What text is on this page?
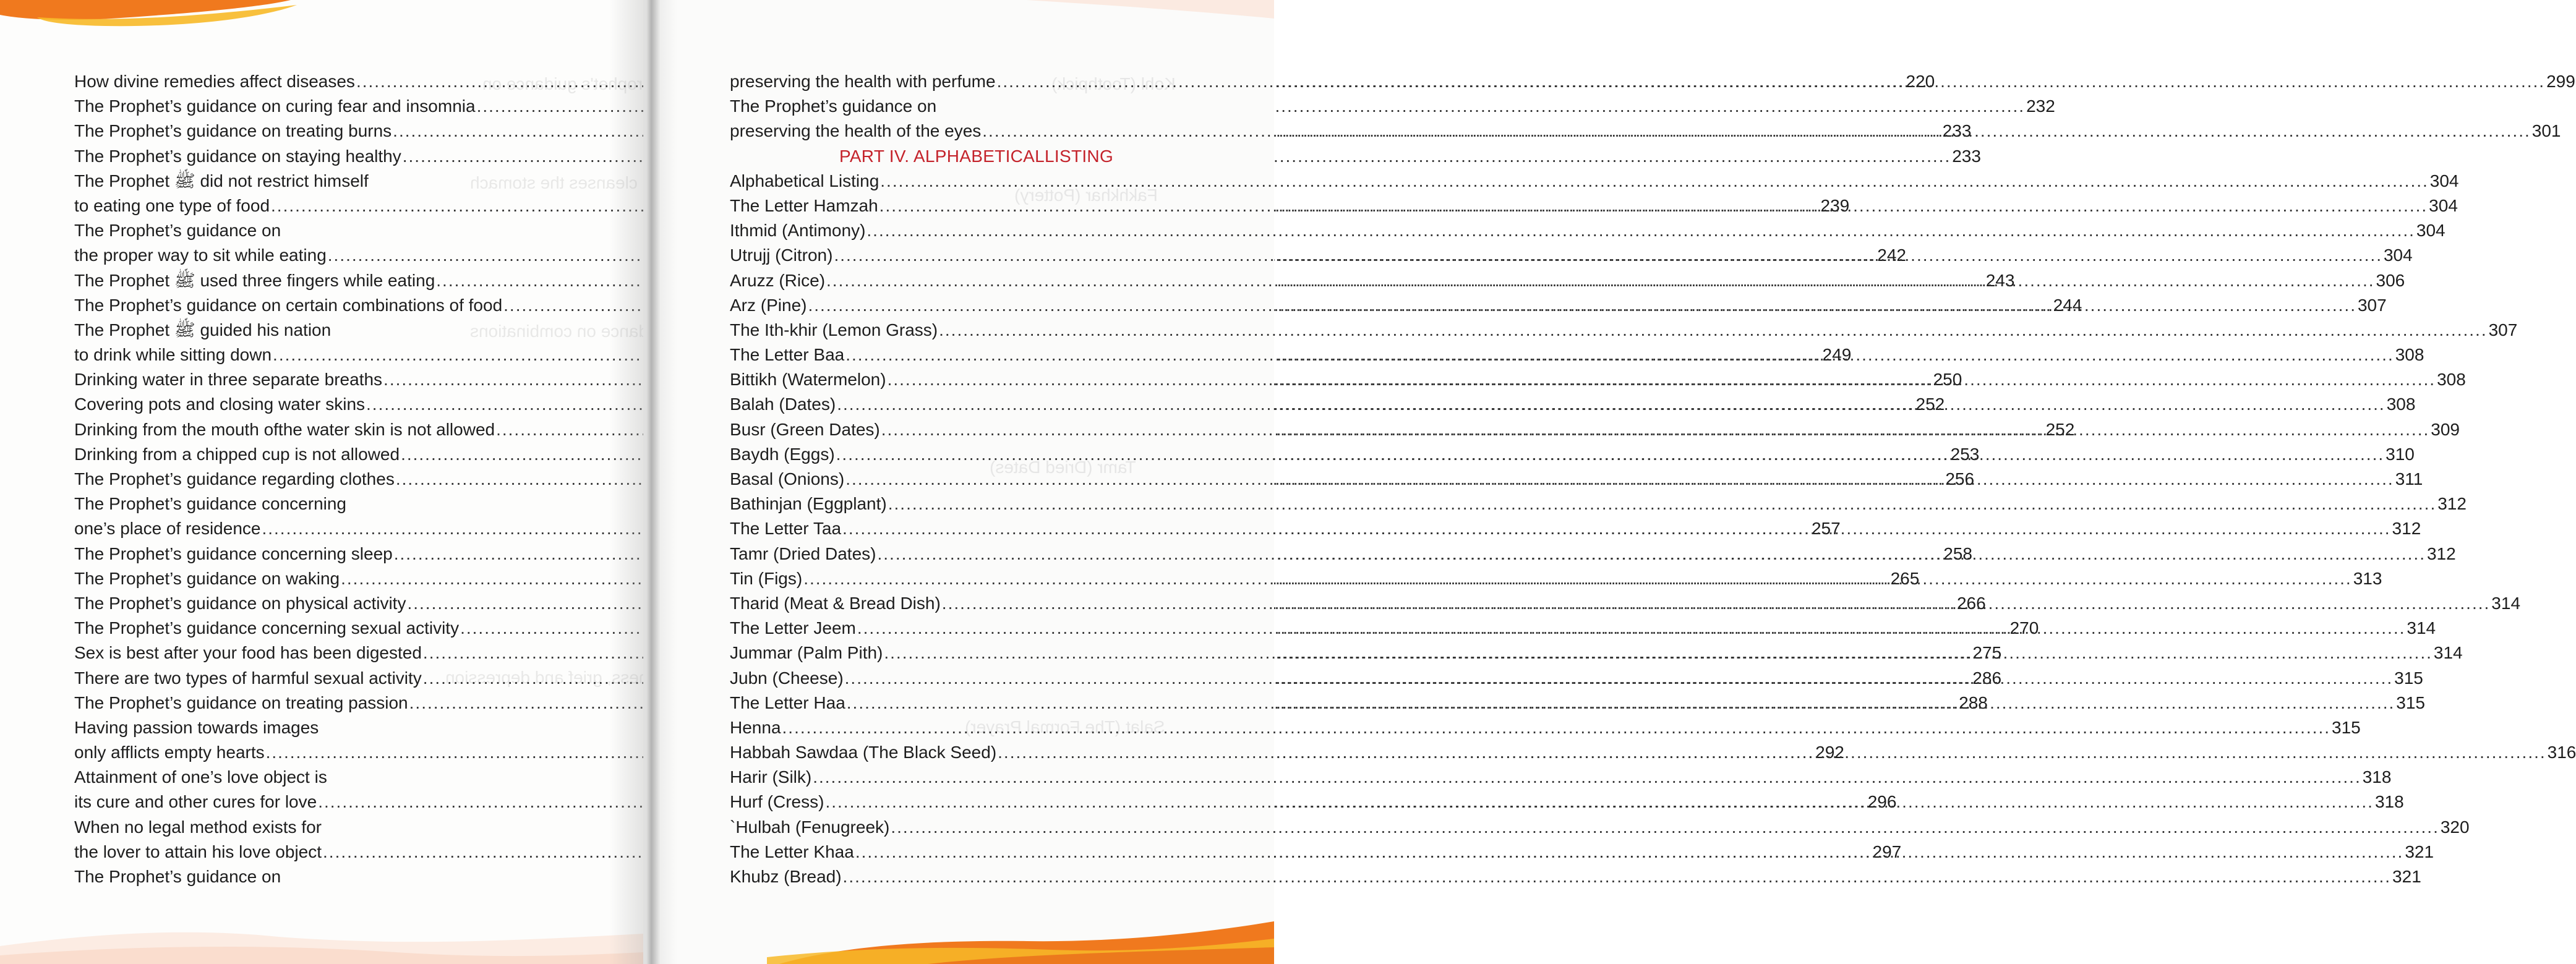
Prophet's guidance on
Vomiting cleanses the stomach
The Prophet's guidance on combinations
sadness, grief and depression
How divine remedies affect diseases .....	220
The Prophet’s guidance on curing fear and insomnia .....	232
The Prophet’s guidance on treating burns .....	233
The Prophet’s guidance on staying healthy .....	233
The Prophet ﷺ did not restrict himself
to eating one type of food .....	239
The Prophet’s guidance on
the proper way to sit while eating .....	242
The Prophet ﷺ used three fingers while eating .....	243
The Prophet’s guidance on certain combinations of food .....	244
The Prophet ﷺ guided his nation
to drink while sitting down .....	249
Drinking water in three separate breaths .....	250
Covering pots and closing water skins .....	252
Drinking from the mouth ofthe water skin is not allowed .....	252
Drinking from a chipped cup is not allowed .....	253
The Prophet’s guidance regarding clothes .....	256
The Prophet’s guidance concerning
one’s place of residence .....	257
The Prophet’s guidance concerning sleep .....	258
The Prophet’s guidance on waking .....	265
The Prophet’s guidance on physical activity .....	266
The Prophet’s guidance concerning sexual activity .....	270
Sex is best after your food has been digested .....	275
There are two types of harmful sexual activity .....	286
The Prophet’s guidance on treating passion .....	288
Having passion towards images
only afflicts empty hearts .....	292
Attainment of one’s love object is
its cure and other cures for love .....	296
When no legal method exists for
the lover to attain his love object .....	297
The Prophet’s guidance on
Kohl (Toothpick)
Fakhkhar (Pottery)
Tamr (Dried Dates)
Salat (The Formal Prayer)
preserving the health with perfume .....	299
The Prophet’s guidance on
preserving the health of the eyes .....	301
PART IV. ALPHABETICALLISTING
Alphabetical Listing .....	304
The Letter Hamzah .....	304
Ithmid (Antimony) .....	304
Utrujj (Citron) .....	304
Aruzz (Rice) .....	306
Arz (Pine) .....	307
The Ith-khir (Lemon Grass) .....	307
The Letter Baa .....	308
Bittikh (Watermelon) .....	308
Balah (Dates) .....	308
Busr (Green Dates) .....	309
Baydh (Eggs) .....	310
Basal (Onions) .....	311
Bathinjan (Eggplant) .....	312
The Letter Taa .....	312
Tamr (Dried Dates) .....	312
Tin (Figs) .....	313
Tharid (Meat & Bread Dish) .....	314
The Letter Jeem .....	314
Jummar (Palm Pith) .....	314
Jubn (Cheese) .....	315
The Letter Haa .....	315
Henna .....	315
Habbah Sawdaa (The Black Seed) .....	316
Harir (Silk) .....	318
Hurf (Cress) .....	318
`Hulbah (Fenugreek) .....	320
The Letter Khaa .....	321
Khubz (Bread) .....	321
